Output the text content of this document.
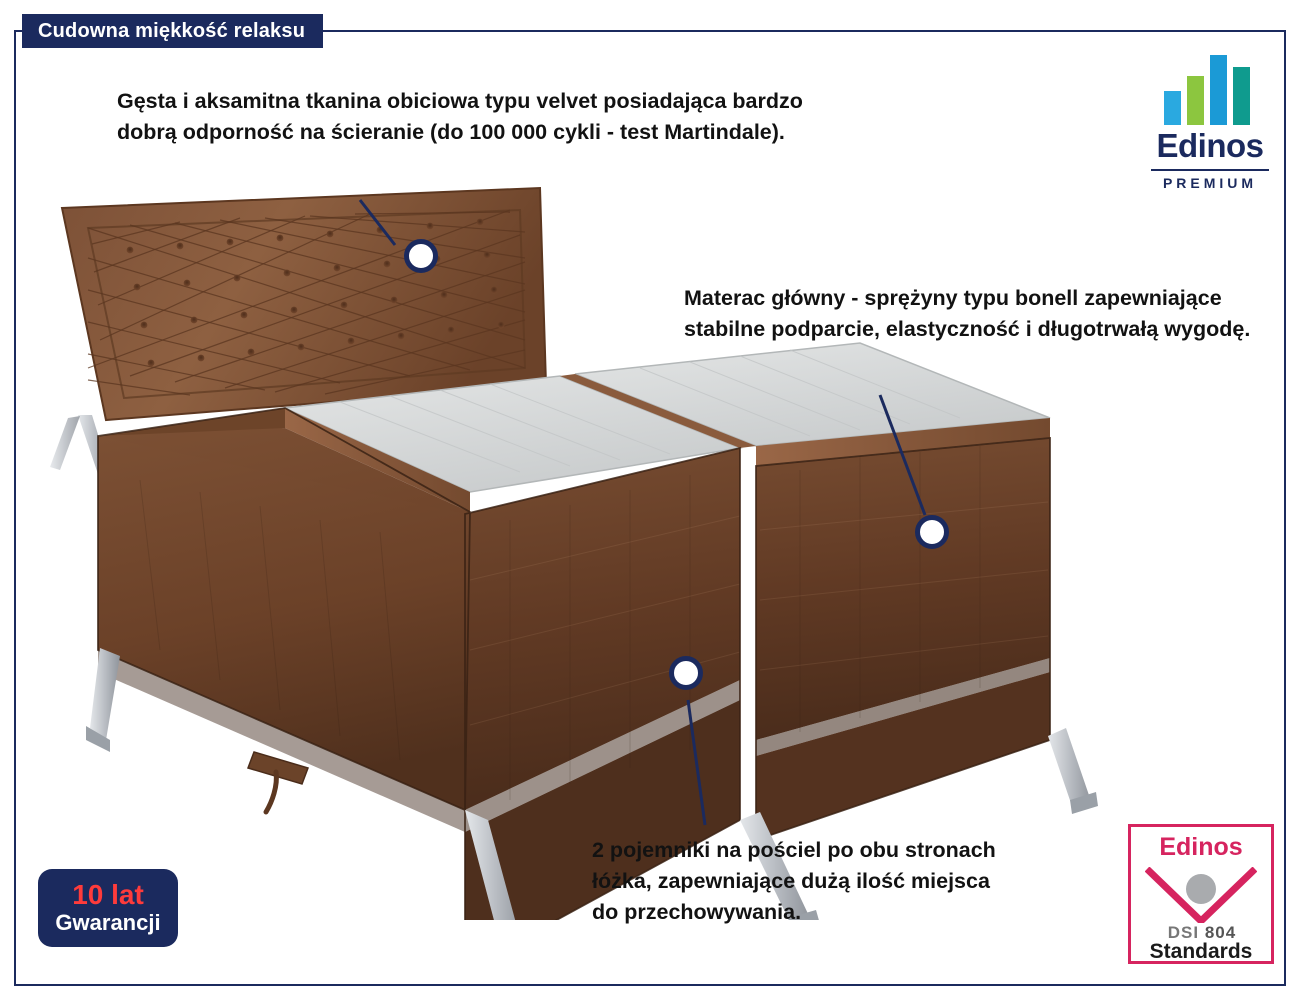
Cudowna miękkość relaksu
Gęsta i aksamitna tkanina obiciowa typu velvet posiadająca bardzo dobrą odporność na ścieranie (do 100 000 cykli - test Martindale).
Materac główny - sprężyny typu bonell zapewniające stabilne podparcie, elastyczność i długotrwałą wygodę.
2 pojemniki na pościel po obu stronach łóżka, zapewniające dużą ilość miejsca do przechowywania.
Edinos
PREMIUM
10 lat
Gwarancji
Edinos
DSI 804
Standards
